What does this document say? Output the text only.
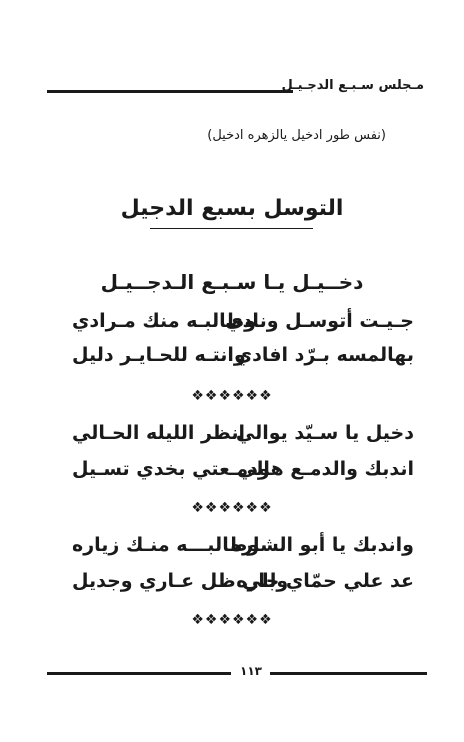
مـجلس سـبـع الدجـيـل
(نفس طور ادخيل يالزهره ادخيل)
التوسل بسبع الدجيل
دخــيـل يـا سـبـع الـدجــيـل
جـيـت أتوسـل ونادي
وطالبـه منك مـرادي
بهالمسه بـرّد افادي
وانتـه للحـايـر دليل
❖❖❖❖❖❖
دخيل يا سـيّد يوالي
انظر الليله الحـالي
اندبك والدمـع هالي
ودمـعتي بخدي تسـيل
❖❖❖❖❖❖
واندبك يا أبو الشاره
وطالبـــه منـك زياره
عد علي حمّاي جاره
وللي ظل عـاري وجديل
❖❖❖❖❖❖
١١٣
